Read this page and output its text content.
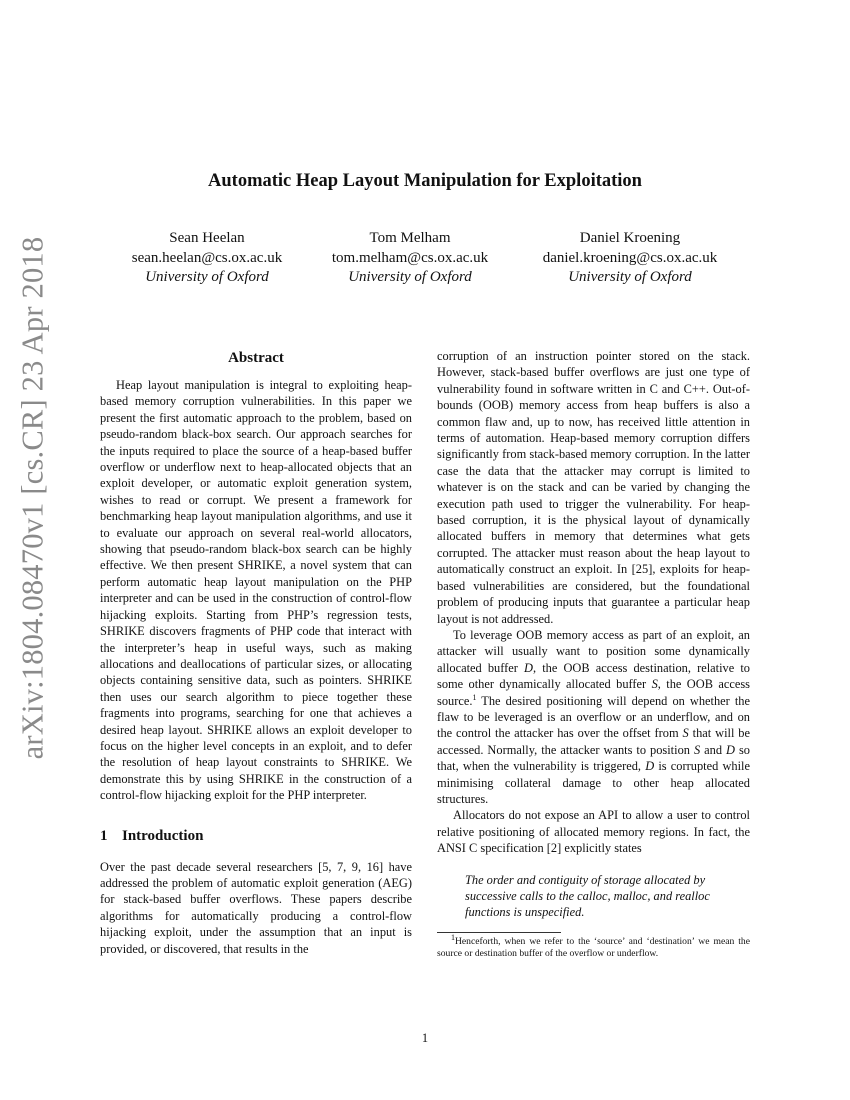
arXiv:1804.08470v1 [cs.CR] 23 Apr 2018
Automatic Heap Layout Manipulation for Exploitation
Sean Heelan
sean.heelan@cs.ox.ac.uk
University of Oxford
Tom Melham
tom.melham@cs.ox.ac.uk
University of Oxford
Daniel Kroening
daniel.kroening@cs.ox.ac.uk
University of Oxford
Abstract

Heap layout manipulation is integral to exploiting heap-based memory corruption vulnerabilities. In this paper we present the first automatic approach to the problem, based on pseudo-random black-box search. Our approach searches for the inputs required to place the source of a heap-based buffer overflow or underflow next to heap-allocated objects that an exploit developer, or automatic exploit generation system, wishes to read or corrupt. We present a framework for benchmarking heap layout manipulation algorithms, and use it to evaluate our approach on several real-world allocators, showing that pseudo-random black-box search can be highly effective. We then present SHRIKE, a novel system that can perform automatic heap layout manipulation on the PHP interpreter and can be used in the construction of control-flow hijacking exploits. Starting from PHP’s regression tests, SHRIKE discovers fragments of PHP code that interact with the interpreter’s heap in useful ways, such as making allocations and deallocations of particular sizes, or allocating objects containing sensitive data, such as pointers. SHRIKE then uses our search algorithm to piece together these fragments into programs, searching for one that achieves a desired heap layout. SHRIKE allows an exploit developer to focus on the higher level concepts in an exploit, and to defer the resolution of heap layout constraints to SHRIKE. We demonstrate this by using SHRIKE in the construction of a control-flow hijacking exploit for the PHP interpreter.

1 Introduction

Over the past decade several researchers [5, 7, 9, 16] have addressed the problem of automatic exploit generation (AEG) for stack-based buffer overflows. These papers describe algorithms for automatically producing a control-flow hijacking exploit, under the assumption that an input is provided, or discovered, that results in the

corruption of an instruction pointer stored on the stack. However, stack-based buffer overflows are just one type of vulnerability found in software written in C and C++. Out-of-bounds (OOB) memory access from heap buffers is also a common flaw and, up to now, has received little attention in terms of automation. Heap-based memory corruption differs significantly from stack-based memory corruption. In the latter case the data that the attacker may corrupt is limited to whatever is on the stack and can be varied by changing the execution path used to trigger the vulnerability. For heap-based corruption, it is the physical layout of dynamically allocated buffers in memory that determines what gets corrupted. The attacker must reason about the heap layout to automatically construct an exploit. In [25], exploits for heap-based vulnerabilities are considered, but the foundational problem of producing inputs that guarantee a particular heap layout is not addressed.

To leverage OOB memory access as part of an exploit, an attacker will usually want to position some dynamically allocated buffer D, the OOB access destination, relative to some other dynamically allocated buffer S, the OOB access source.$^1$ The desired positioning will depend on whether the flaw to be leveraged is an overflow or an underflow, and on the control the attacker has over the offset from S that will be accessed. Normally, the attacker wants to position S and D so that, when the vulnerability is triggered, D is corrupted while minimising collateral damage to other heap allocated structures.

Allocators do not expose an API to allow a user to control relative positioning of allocated memory regions. In fact, the ANSI C specification [2] explicitly states

The order and contiguity of storage allocated by successive calls to the calloc, malloc, and realloc functions is unspecified.
$^1$Henceforth, when we refer to the ‘source’ and ‘destination’ we mean the source or destination buffer of the overflow or underflow.
1
